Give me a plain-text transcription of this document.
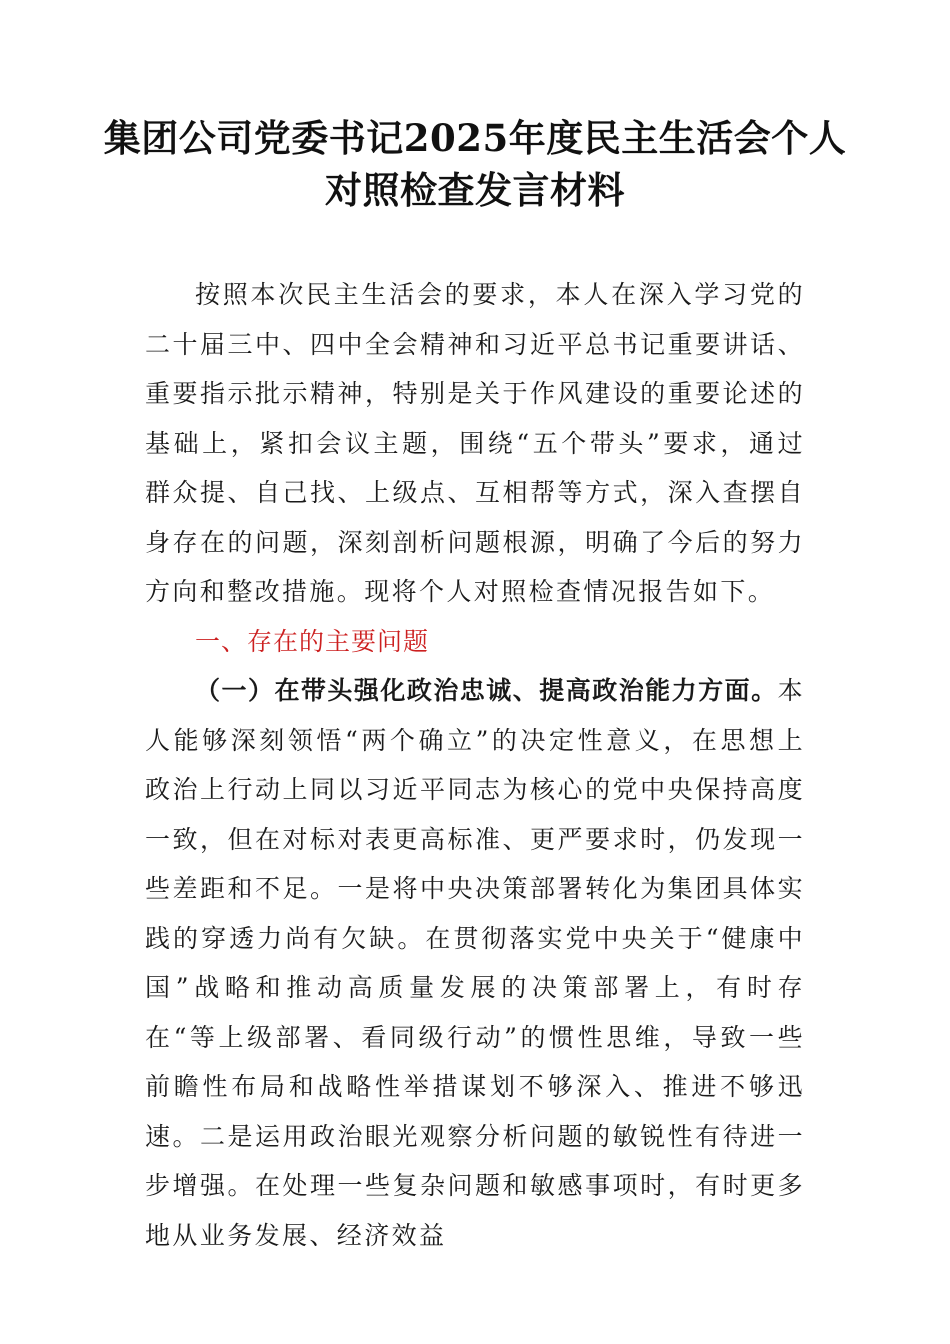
集团公司党委书记2025年度民主生活会个人对照检查发言材料

按照本次民主生活会的要求，本人在深入学习党的二十届三中、四中全会精神和习近平总书记重要讲话、重要指示批示精神，特别是关于作风建设的重要论述的基础上，紧扣会议主题，围绕“五个带头”要求，通过群众提、自己找、上级点、互相帮等方式，深入查摆自身存在的问题，深刻剖析问题根源，明确了今后的努力方向和整改措施。现将个人对照检查情况报告如下。

一、存在的主要问题

（一）在带头强化政治忠诚、提高政治能力方面。本人能够深刻领悟“两个确立”的决定性意义，在思想上政治上行动上同以习近平同志为核心的党中央保持高度一致，但在对标对表更高标准、更严要求时，仍发现一些差距和不足。一是将中央决策部署转化为集团具体实践的穿透力尚有欠缺。在贯彻落实党中央关于“健康中国”战略和推动高质量发展的决策部署上，有时存在“等上级部署、看同级行动”的惯性思维，导致一些前瞻性布局和战略性举措谋划不够深入、推进不够迅速。二是运用政治眼光观察分析问题的敏锐性有待进一步增强。在处理一些复杂问题和敏感事项时，有时更多地从业务发展、经济效益
